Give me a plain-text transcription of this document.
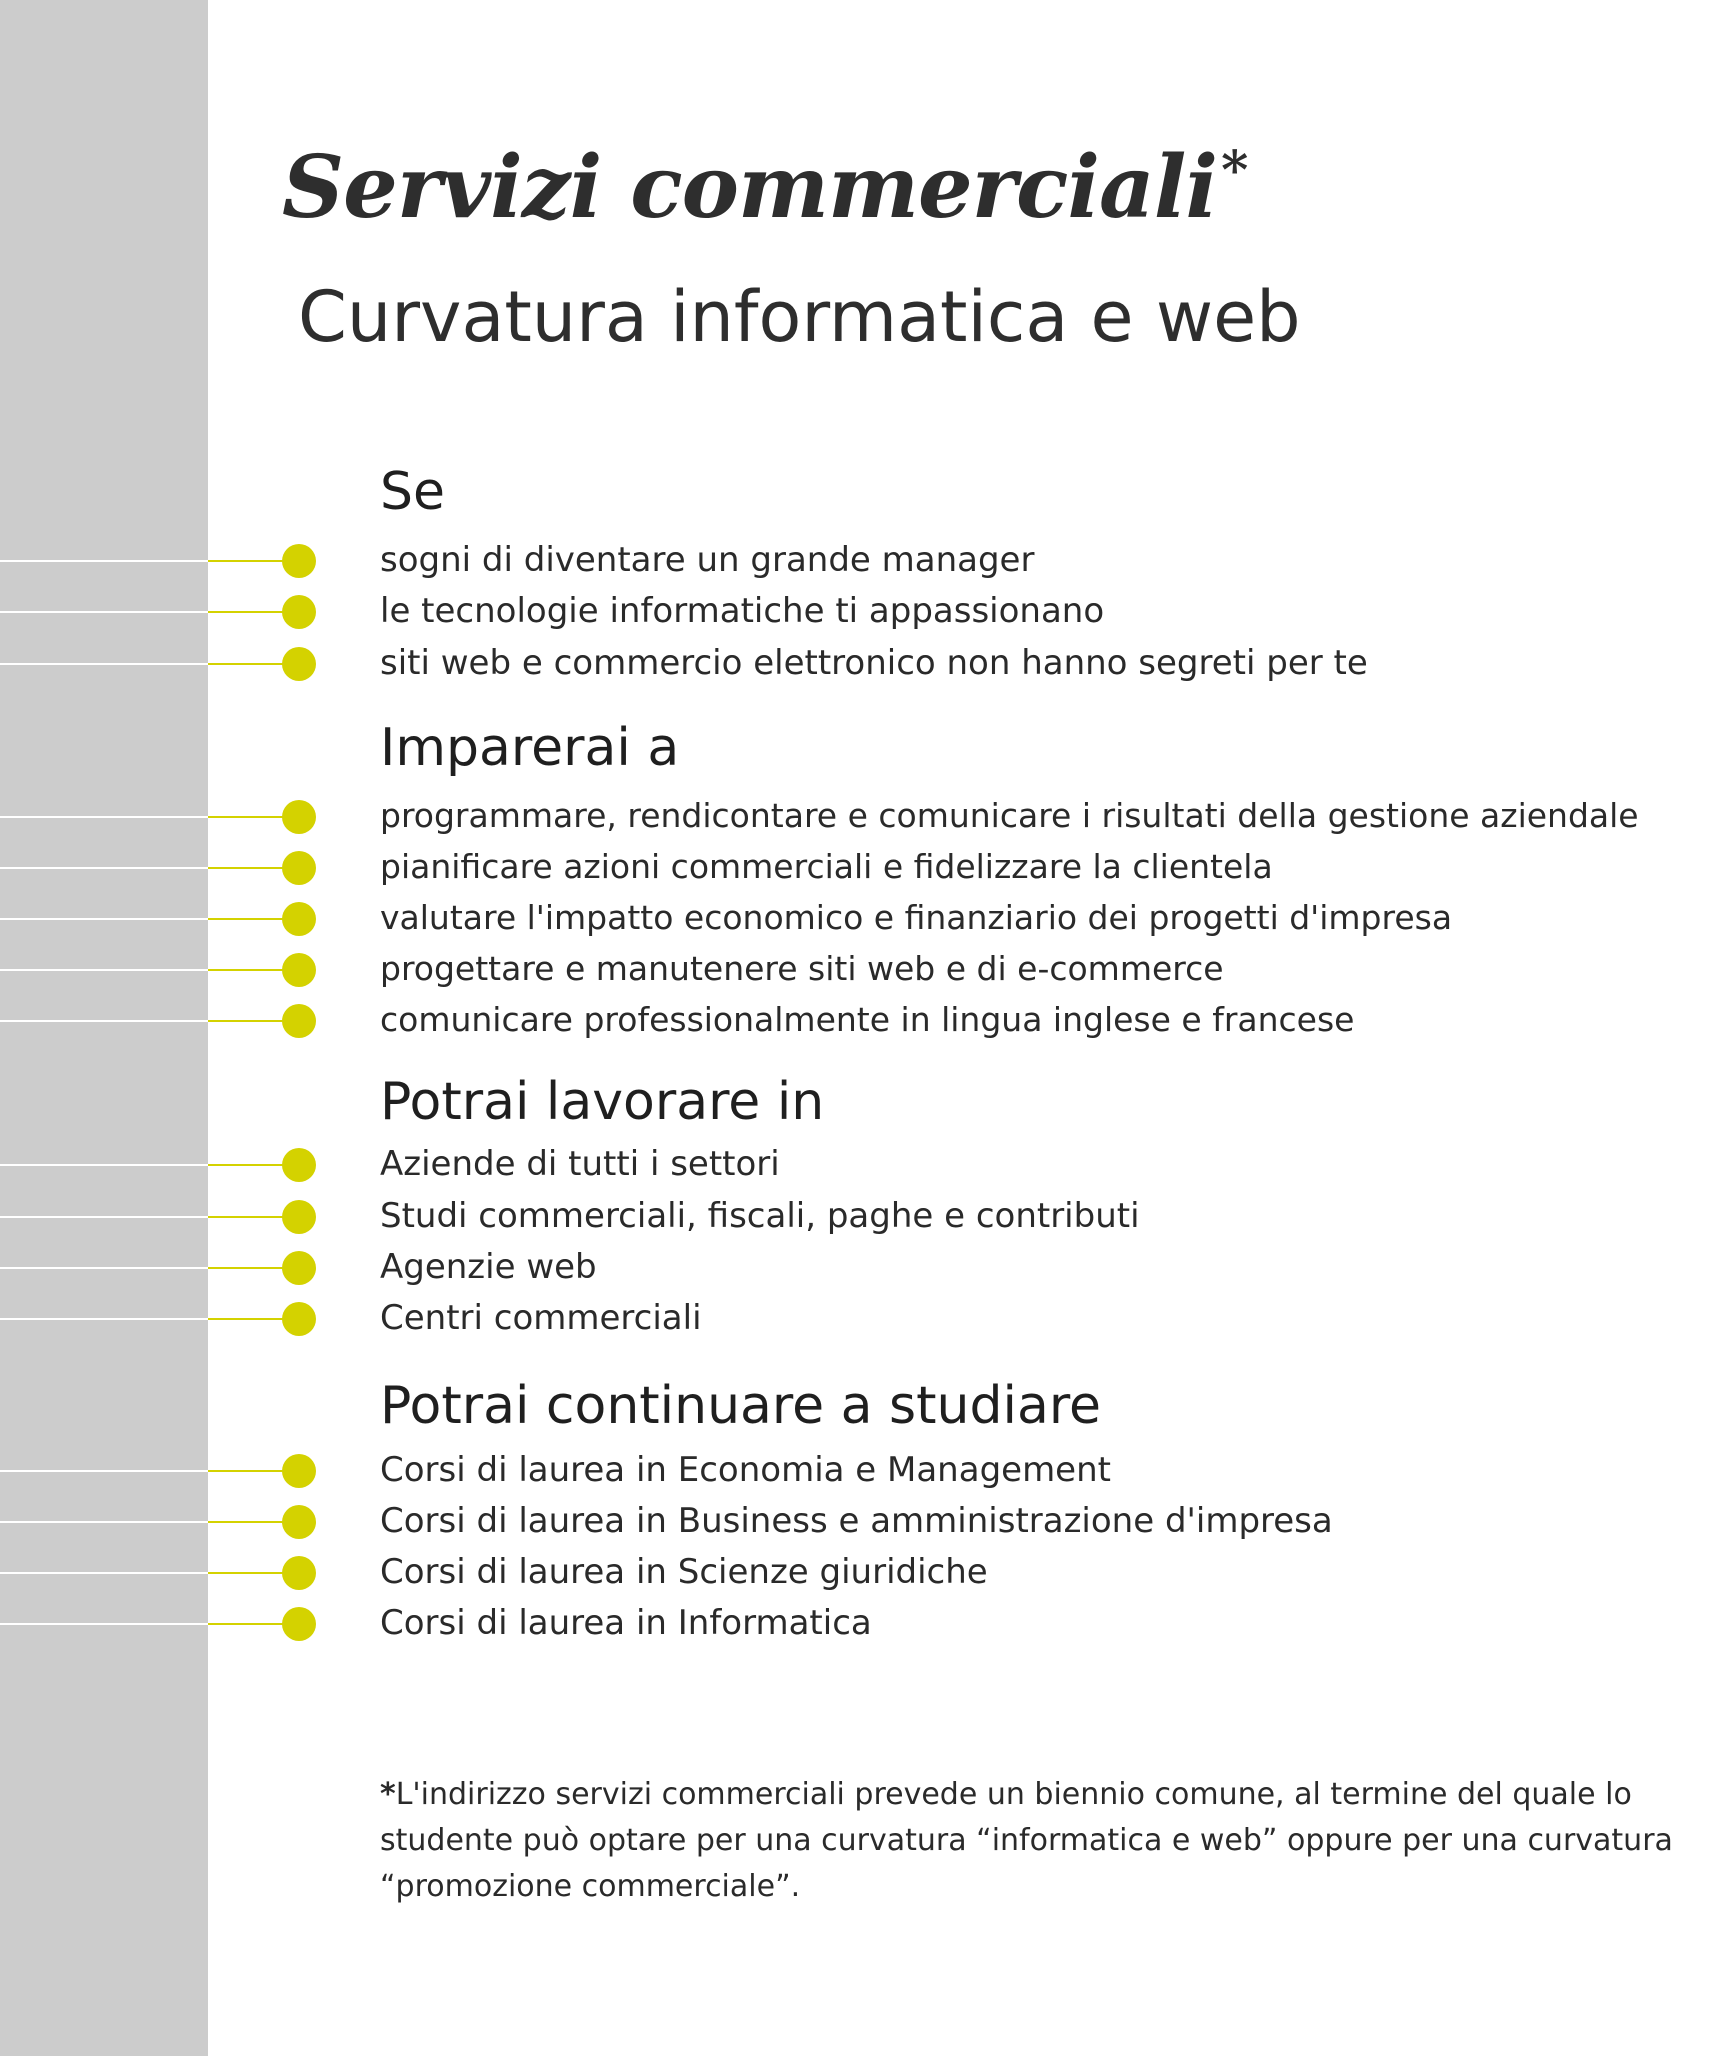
Servizi commerciali*
Curvatura informatica e web
Se
sogni di diventare un grande manager
le tecnologie informatiche ti appassionano
siti web e commercio elettronico non hanno segreti per te
Imparerai a
programmare, rendicontare e comunicare i risultati della gestione aziendale
pianificare azioni commerciali e fidelizzare la clientela
valutare l'impatto economico e finanziario dei progetti d'impresa
progettare e manutenere siti web e di e-commerce
comunicare professionalmente in lingua inglese e francese
Potrai lavorare in
Aziende di tutti i settori
Studi commerciali, fiscali, paghe e contributi
Agenzie web
Centri commerciali
Potrai continuare a studiare
Corsi di laurea in Economia e Management
Corsi di laurea in Business e amministrazione d'impresa
Corsi di laurea in Scienze giuridiche
Corsi di laurea in Informatica

*L'indirizzo servizi commerciali prevede un biennio comune, al termine del quale lo studente può optare per una curvatura “informatica e web” oppure per una curvatura “promozione commerciale”.
